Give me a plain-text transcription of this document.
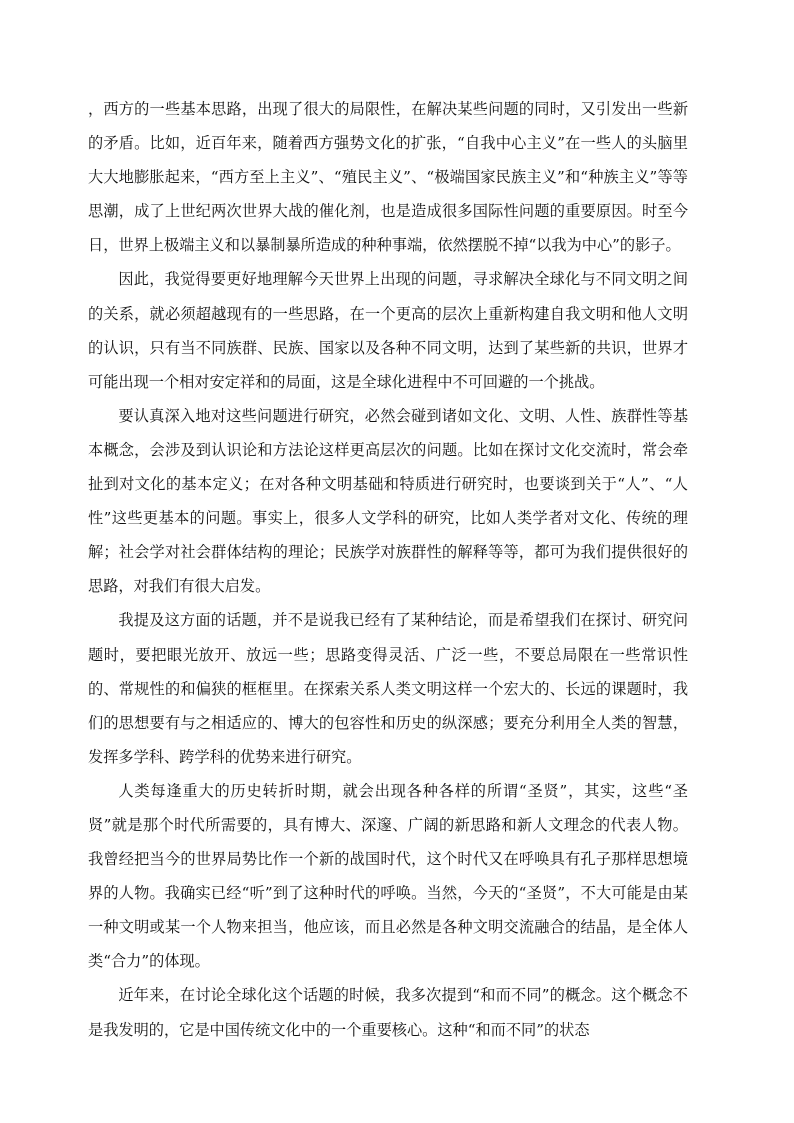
，西方的一些基本思路，出现了很大的局限性，在解决某些问题的同时，又引发出一些新的矛盾。比如，近百年来，随着西方强势文化的扩张，“自我中心主义”在一些人的头脑里大大地膨胀起来，“西方至上主义”、“殖民主义”、“极端国家民族主义”和“种族主义”等等思潮，成了上世纪两次世界大战的催化剂，也是造成很多国际性问题的重要原因。时至今日，世界上极端主义和以暴制暴所造成的种种事端，依然摆脱不掉“以我为中心”的影子。

因此，我觉得要更好地理解今天世界上出现的问题，寻求解决全球化与不同文明之间的关系，就必须超越现有的一些思路，在一个更高的层次上重新构建自我文明和他人文明的认识，只有当不同族群、民族、国家以及各种不同文明，达到了某些新的共识，世界才可能出现一个相对安定祥和的局面，这是全球化进程中不可回避的一个挑战。

要认真深入地对这些问题进行研究，必然会碰到诸如文化、文明、人性、族群性等基本概念，会涉及到认识论和方法论这样更高层次的问题。比如在探讨文化交流时，常会牵扯到对文化的基本定义；在对各种文明基础和特质进行研究时，也要谈到关于“人”、“人性”这些更基本的问题。事实上，很多人文学科的研究，比如人类学者对文化、传统的理解；社会学对社会群体结构的理论；民族学对族群性的解释等等，都可为我们提供很好的思路，对我们有很大启发。

我提及这方面的话题，并不是说我已经有了某种结论，而是希望我们在探讨、研究问题时，要把眼光放开、放远一些；思路变得灵活、广泛一些，不要总局限在一些常识性的、常规性的和偏狭的框框里。在探索关系人类文明这样一个宏大的、长远的课题时，我们的思想要有与之相适应的、博大的包容性和历史的纵深感；要充分利用全人类的智慧，发挥多学科、跨学科的优势来进行研究。

人类每逢重大的历史转折时期，就会出现各种各样的所谓“圣贤”，其实，这些“圣贤”就是那个时代所需要的，具有博大、深邃、广阔的新思路和新人文理念的代表人物。我曾经把当今的世界局势比作一个新的战国时代，这个时代又在呼唤具有孔子那样思想境界的人物。我确实已经“听”到了这种时代的呼唤。当然，今天的“圣贤”，不大可能是由某一种文明或某一个人物来担当，他应该，而且必然是各种文明交流融合的结晶，是全体人类“合力”的体现。

近年来，在讨论全球化这个话题的时候，我多次提到“和而不同”的概念。这个概念不是我发明的，它是中国传统文化中的一个重要核心。这种“和而不同”的状态
